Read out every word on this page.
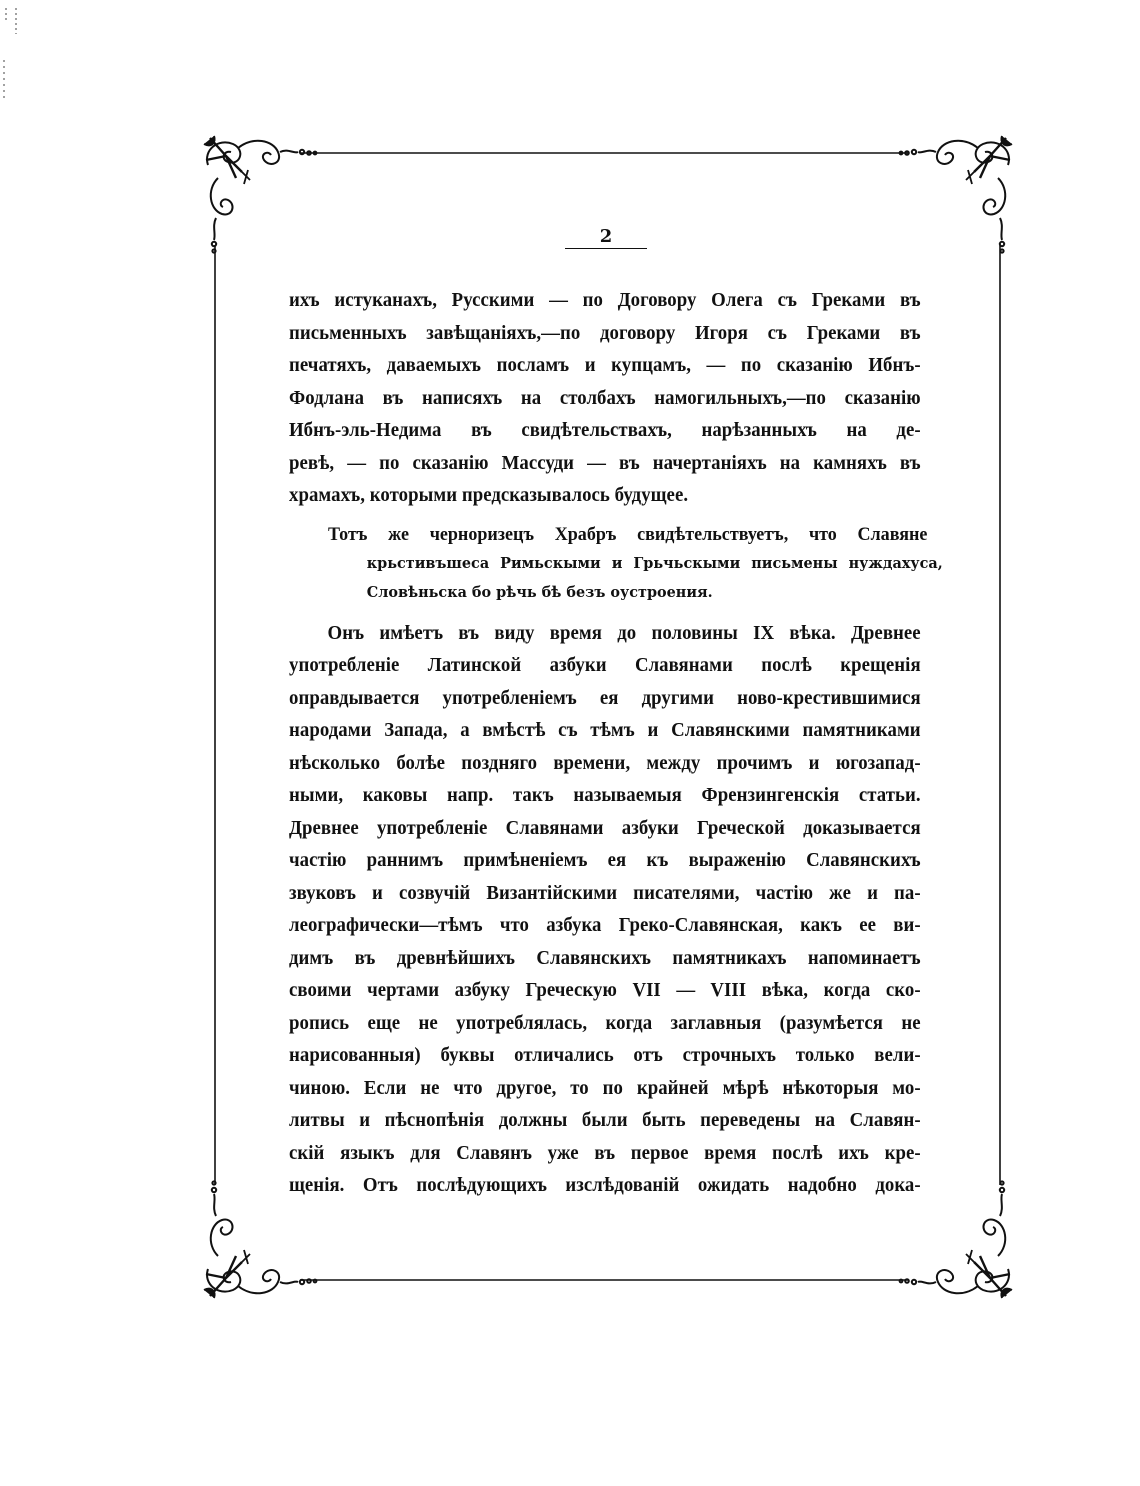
2
ихъ истуканахъ, Русскими — по Договору Олега съ Греками въ
письменныхъ завѣщаніяхъ,—по договору Игоря съ Греками въ
печатяхъ, даваемыхъ посламъ и купцамъ, — по сказанію Ибнъ-
Фодлана въ написяхъ на столбахъ намогильныхъ,—по сказанію
Ибнъ-эль-Недима въ свидѣтельствахъ, нарѣзанныхъ на де-
ревѣ, — по сказанію Массуди — въ начертаніяхъ на камняхъ въ
храмахъ, которыми предсказывалось будущее.
Тотъ же черноризецъ Храбръ свидѣтельствуетъ, что Славяне
крьстивъшеса Римьскыми и Грьчьскыми письмены нуждахуса,
Словѣньска бо рѣчь бѣ безъ оустроения.
Онъ имѣетъ въ виду время до половины IX вѣка. Древнее
употребленіе Латинской азбуки Славянами послѣ крещенія
оправдывается употребленіемъ ея другими ново-крестившимися
народами Запада, а вмѣстѣ съ тѣмъ и Славянскими памятниками
нѣсколько болѣе поздняго времени, между прочимъ и югозапад-
ными, каковы напр. такъ называемыя Френзингенскія статьи.
Древнее употребленіе Славянами азбуки Греческой доказывается
частію раннимъ примѣненіемъ ея къ выраженію Славянскихъ
звуковъ и созвучій Византійскими писателями, частію же и па-
леографически—тѣмъ что азбука Греко-Славянская, какъ ее ви-
димъ въ древнѣйшихъ Славянскихъ памятникахъ напоминаетъ
своими чертами азбуку Греческую VII — VIII вѣка, когда ско-
ропись еще не употреблялась, когда заглавныя (разумѣется не
нарисованныя) буквы отличались отъ строчныхъ только вели-
чиною. Если не что другое, то по крайней мѣрѣ нѣкоторыя мо-
литвы и пѣснопѣнія должны были быть переведены на Славян-
скій языкъ для Славянъ уже въ первое время послѣ ихъ кре-
щенія. Отъ послѣдующихъ изслѣдованій ожидать надобно дока-
